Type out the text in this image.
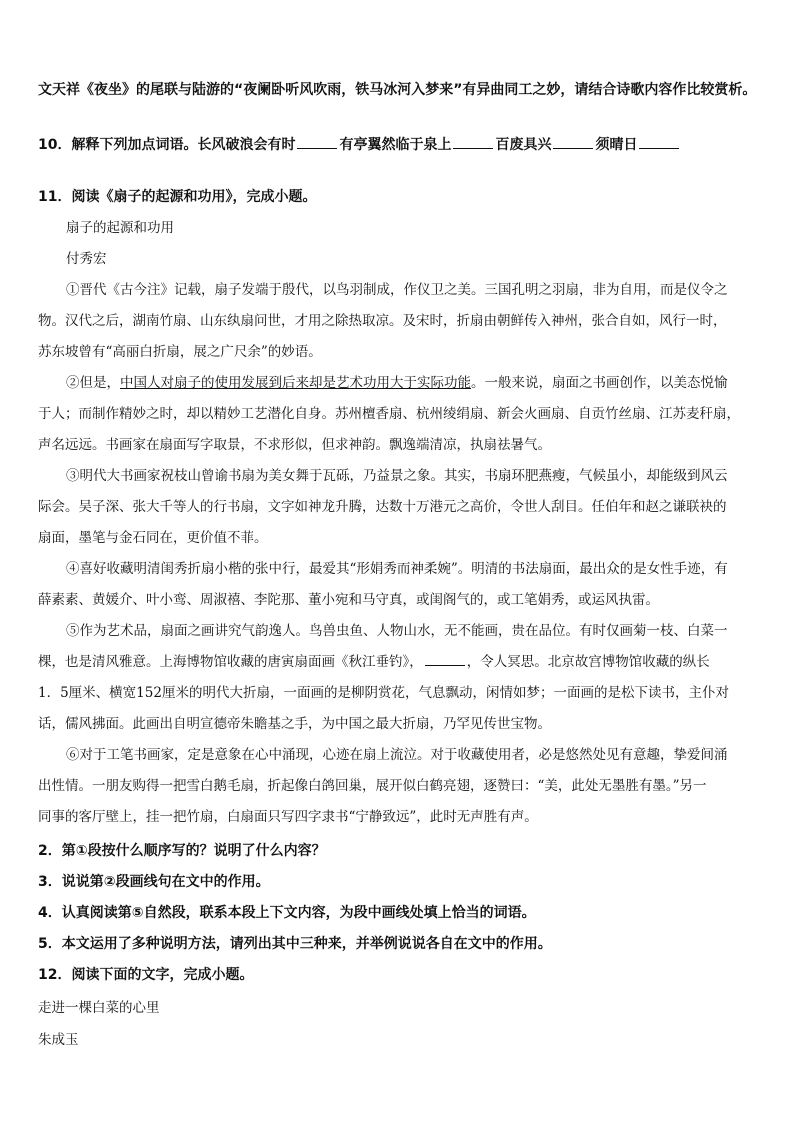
文天祥《夜坐》的尾联与陆游的“夜阑卧听风吹雨，铁马冰河入梦来”有异曲同工之妙，请结合诗歌内容作比较赏析。
10．解释下列加点词语。长风破浪会有时	有亭翼然临于泉上	百废具兴	须晴日
11．阅读《扇子的起源和功用》，完成小题。
扇子的起源和功用
付秀宏
①晋代《古今注》记载，扇子发端于殷代，以鸟羽制成，作仪卫之美。三国孔明之羽扇，非为自用，而是仪令之
物。汉代之后，湖南竹扇、山东纨扇问世，才用之除热取凉。及宋时，折扇由朝鲜传入神州，张合自如，风行一时，
苏东坡曾有“高丽白折扇，展之广尺余”的妙语。
②但是，中国人对扇子的使用发展到后来却是艺术功用大于实际功能。一般来说，扇面之书画创作，以美态悦愉
于人；而制作精妙之时，却以精妙工艺潜化自身。苏州檀香扇、杭州绫绢扇、新会火画扇、自贡竹丝扇、江苏麦秆扇，
声名远远。书画家在扇面写字取景，不求形似，但求神韵。飘逸端清凉，执扇祛暑气。
③明代大书画家祝枝山曾谕书扇为美女舞于瓦砾，乃益景之象。其实，书扇环肥燕瘦，气候虽小，却能级到风云
际会。吴子深、张大千等人的行书扇，文字如神龙升腾，达数十万港元之高价，令世人刮目。任伯年和赵之谦联袂的
扇面，墨笔与金石同在，更价值不菲。
④喜好收藏明清闺秀折扇小楷的张中行，最爱其“形娟秀而神柔婉”。明清的书法扇面，最出众的是女性手迹，有
薛素素、黄媛介、叶小鸾、周淑禧、李陀那、董小宛和马守真，或闺阁气的，或工笔娟秀，或运风执雷。
⑤作为艺术品，扇面之画讲究气韵逸人。鸟兽虫鱼、人物山水，无不能画，贵在品位。有时仅画菊一枝、白菜一
棵，也是清风雅意。上海博物馆收藏的唐寅扇面画《秋江垂钓》，	，令人冥思。北京故宫博物馆收藏的纵长
1．5厘米、横宽152厘米的明代大折扇，一面画的是柳阴赏花，气息飘动，闲情如梦；一面画的是松下读书，主仆对
话，儒风拂面。此画出自明宣德帝朱瞻基之手，为中国之最大折扇，乃罕见传世宝物。
⑥对于工笔书画家，定是意象在心中涌现，心迹在扇上流泣。对于收藏使用者，必是悠然处见有意趣，挚爱间涌
出性情。一朋友购得一把雪白鹅毛扇，折起像白鸽回巢，展开似白鹤亮翅，逐赞曰：“美，此处无墨胜有墨。”另一
同事的客厅壁上，挂一把竹扇，白扇面只写四字隶书“宁静致远”，此时无声胜有声。
2．第①段按什么顺序写的？说明了什么内容？
3．说说第②段画线句在文中的作用。
4．认真阅读第⑤自然段，联系本段上下文内容，为段中画线处填上恰当的词语。
5．本文运用了多种说明方法，请列出其中三种来，并举例说说各自在文中的作用。
12．阅读下面的文字，完成小题。
走进一棵白菜的心里
朱成玉
